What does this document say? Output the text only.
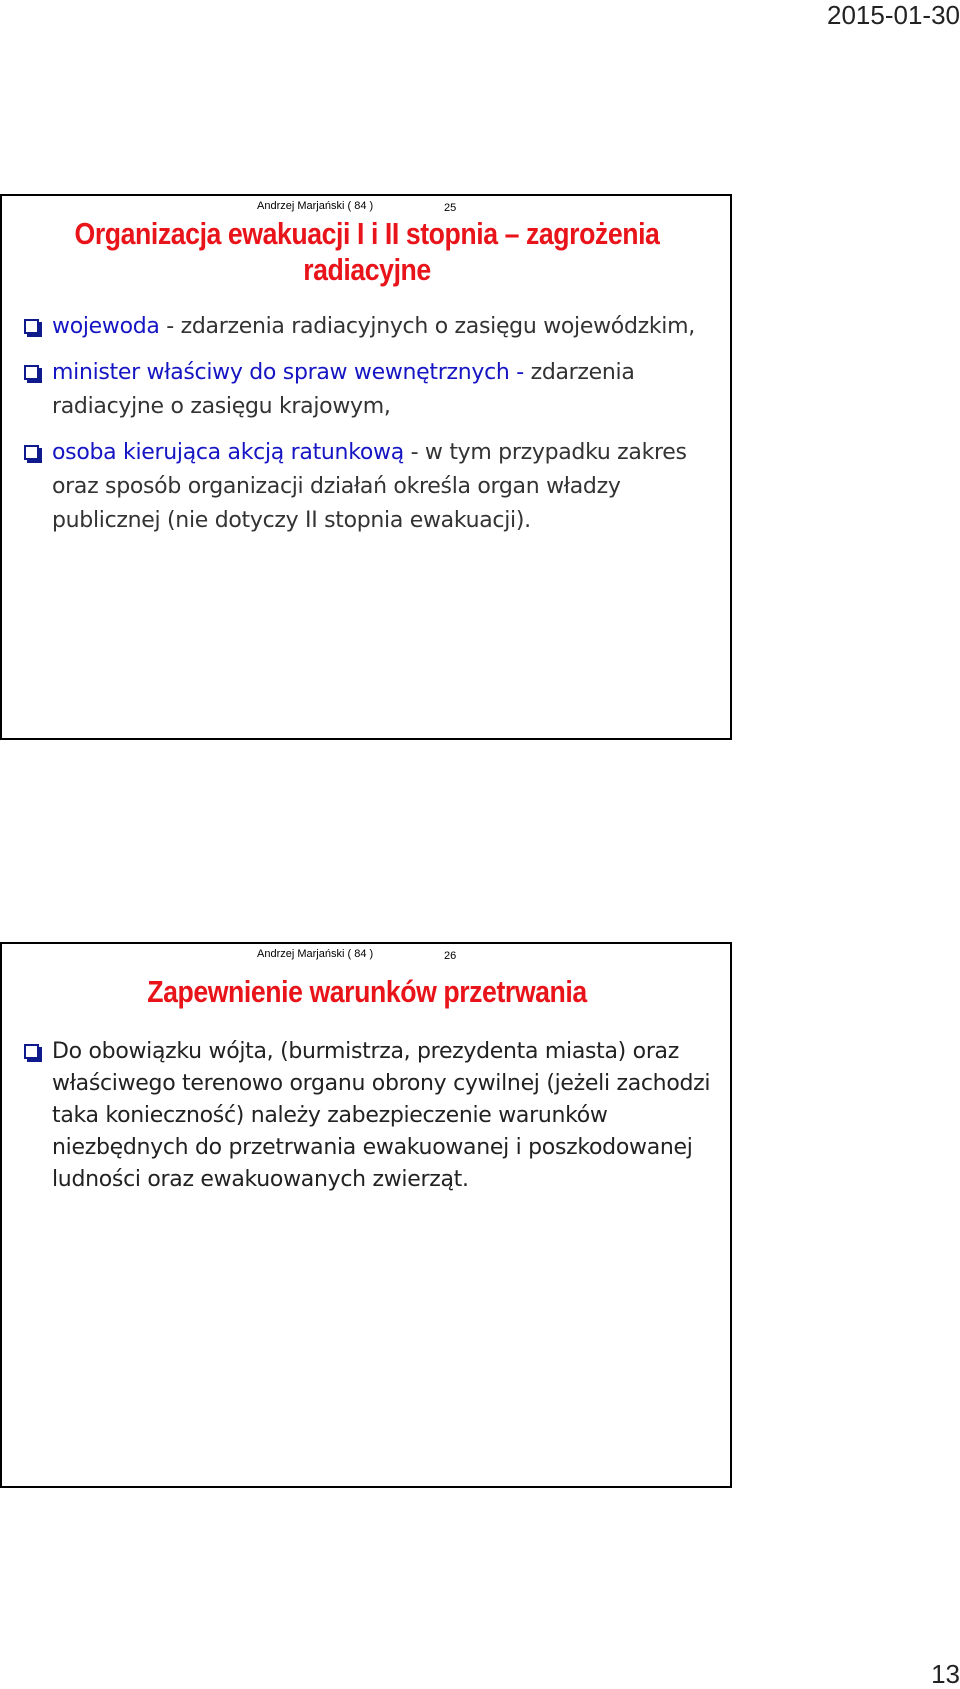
2015-01-30
Andrzej Marjański ( 84 )	25
Organizacja ewakuacji I i II stopnia – zagrożenia
radiacyjne
wojewoda - zdarzenia radiacyjnych o zasięgu wojewódzkim,
minister właściwy do spraw wewnętrznych - zdarzenia radiacyjne o zasięgu krajowym,
osoba kierująca akcją ratunkową - w tym przypadku zakres oraz sposób organizacji działań określa organ władzy publicznej (nie dotyczy II stopnia ewakuacji).
Andrzej Marjański ( 84 )	26
Zapewnienie warunków przetrwania
Do obowiązku wójta, (burmistrza, prezydenta miasta) oraz właściwego terenowo organu obrony cywilnej (jeżeli zachodzi taka konieczność) należy zabezpieczenie warunków niezbędnych do przetrwania ewakuowanej i poszkodowanej ludności oraz ewakuowanych zwierząt.
13
